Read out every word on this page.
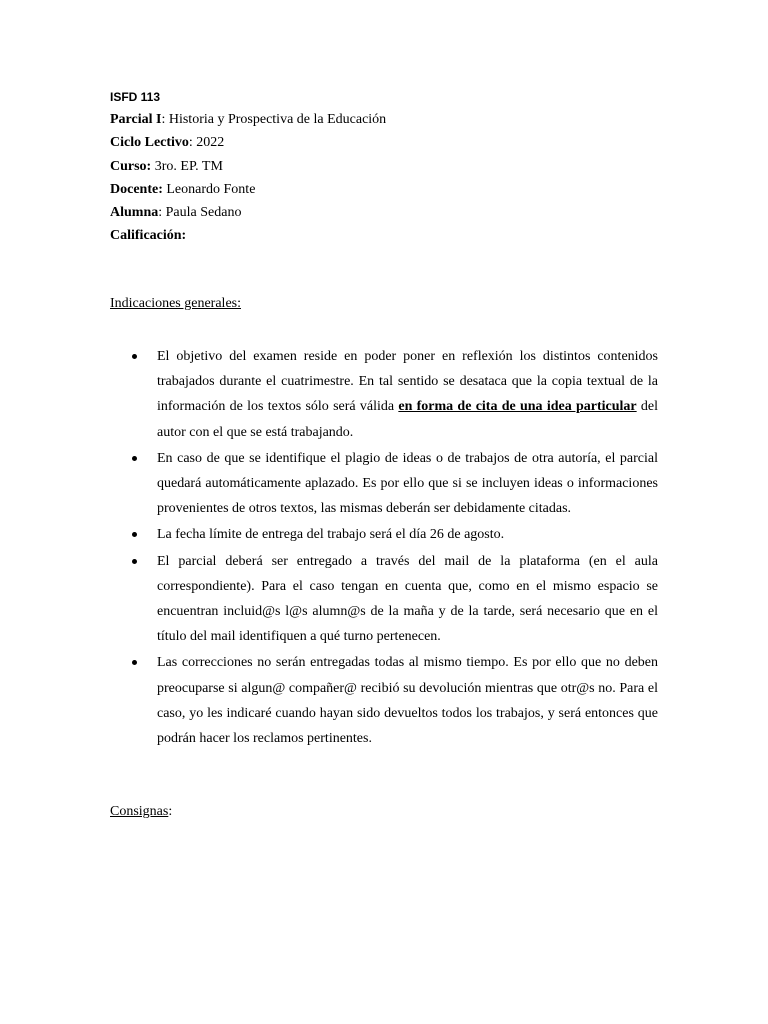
ISFD 113
Parcial I: Historia y Prospectiva de la Educación
Ciclo Lectivo: 2022
Curso: 3ro. EP. TM
Docente: Leonardo Fonte
Alumna: Paula Sedano
Calificación:
Indicaciones generales:
El objetivo del examen reside en poder poner en reflexión los distintos contenidos trabajados durante el cuatrimestre. En tal sentido se desataca que la copia textual de la información de los textos sólo será válida en forma de cita de una idea particular del autor con el que se está trabajando.
En caso de que se identifique el plagio de ideas o de trabajos de otra autoría, el parcial quedará automáticamente aplazado. Es por ello que si se incluyen ideas o informaciones provenientes de otros textos, las mismas deberán ser debidamente citadas.
La fecha límite de entrega del trabajo será el día 26 de agosto.
El parcial deberá ser entregado a través del mail de la plataforma (en el aula correspondiente). Para el caso tengan en cuenta que, como en el mismo espacio se encuentran incluid@s l@s alumn@s de la maña y de la tarde, será necesario que en el título del mail identifiquen a qué turno pertenecen.
Las correcciones no serán entregadas todas al mismo tiempo. Es por ello que no deben preocuparse si algun@ compañer@ recibió su devolución mientras que otr@s no. Para el caso, yo les indicaré cuando hayan sido devueltos todos los trabajos, y será entonces que podrán hacer los reclamos pertinentes.
Consignas:
